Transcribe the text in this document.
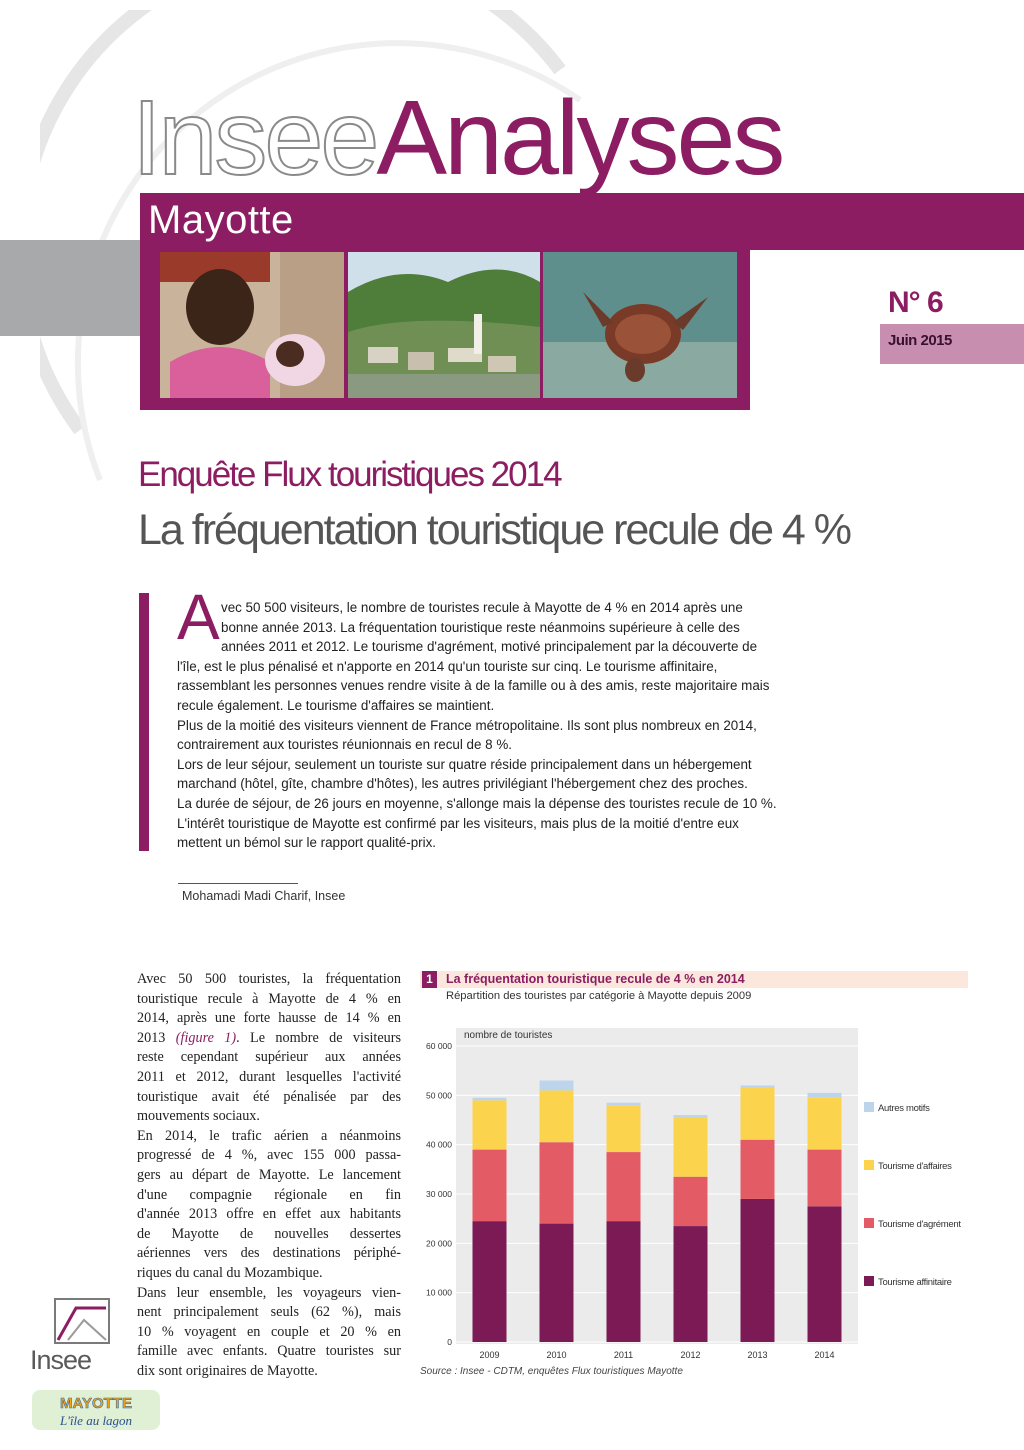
InseeAnalyses
Mayotte
N° 6
Juin 2015
Enquête Flux touristiques 2014
La fréquentation touristique recule de 4 %
A vec 50 500 visiteurs, le nombre de touristes recule à Mayotte de 4 % en 2014 après une
bonne année 2013. La fréquentation touristique reste néanmoins supérieure à celle des
années 2011 et 2012. Le tourisme d'agrément, motivé principalement par la découverte de
l'île, est le plus pénalisé et n'apporte en 2014 qu'un touriste sur cinq. Le tourisme affinitaire,
rassemblant les personnes venues rendre visite à de la famille ou à des amis, reste majoritaire mais
recule également. Le tourisme d'affaires se maintient.
Plus de la moitié des visiteurs viennent de France métropolitaine. Ils sont plus nombreux en 2014,
contrairement aux touristes réunionnais en recul de 8 %.
Lors de leur séjour, seulement un touriste sur quatre réside principalement dans un hébergement
marchand (hôtel, gîte, chambre d'hôtes), les autres privilégiant l'hébergement chez des proches.
La durée de séjour, de 26 jours en moyenne, s'allonge mais la dépense des touristes recule de 10 %.
L'intérêt touristique de Mayotte est confirmé par les visiteurs, mais plus de la moitié d'entre eux
mettent un bémol sur le rapport qualité-prix.
Mohamadi Madi Charif, Insee
Avec 50 500 touristes, la fréquentation
touristique recule à Mayotte de 4 % en
2014, après une forte hausse de 14 % en
2013 (figure 1). Le nombre de visiteurs
reste cependant supérieur aux années
2011 et 2012, durant lesquelles l'activité
touristique avait été pénalisée par des
mouvements sociaux.
En 2014, le trafic aérien a néanmoins
progressé de 4 %, avec 155 000 passa-
gers au départ de Mayotte. Le lancement
d'une compagnie régionale en fin
d'année 2013 offre en effet aux habitants
de Mayotte de nouvelles dessertes
aériennes vers des destinations périphé-
riques du canal du Mozambique.
Dans leur ensemble, les voyageurs vien-
nent principalement seuls (62 %), mais
10 % voyagent en couple et 20 % en
famille avec enfants. Quatre touristes sur
dix sont originaires de Mayotte.
Insee
MAYOTTE
L'île au lagon
1	La fréquentation touristique recule de 4 % en 2014
Répartition des touristes par catégorie à Mayotte depuis 2009
nombre de touristes
0
10 000
20 000
30 000
40 000
50 000
60 000
2009	2010	2011	2012	2013	2014
Autres motifs
Tourisme d'affaires
Tourisme d'agrément
Tourisme affinitaire
Source : Insee - CDTM, enquêtes Flux touristiques Mayotte
